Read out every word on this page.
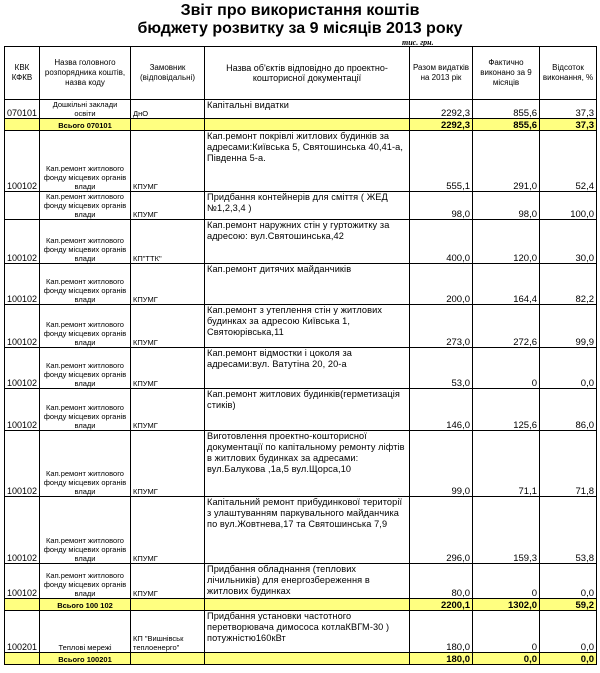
Звіт про використання коштів
бюджету розвитку за 9 місяців 2013 року
тис. грн.
КВК КФКВ	Назва головного розпорядника коштів, назва коду	Замовник (відповідальні)	Назва об'єктів відповідно до проектно-кошторисної документації	Разом видатків на 2013 рік	Фактично виконано за 9 місяців	Відсоток виконання, %
070101	Дошкільні заклади освіти	ДнО	Капітальні видатки	2292,3	855,6	37,3
	Всього 070101			2292,3	855,6	37,3
100102	Кап.ремонт житлового фонду місцевих органів влади	КПУМГ	Кап.ремонт покрівлі житлових будинків за адресами:Київська 5, Святошинська 40,41-а, Південна 5-а.	555,1	291,0	52,4
	Кап.ремонт житлового фонду місцевих органів влади	КПУМГ	Придбання контейнерів для сміття ( ЖЕД №1,2,3,4 )	98,0	98,0	100,0
100102	Кап.ремонт житлового фонду місцевих органів влади	КП"ТТК"	Кап.ремонт наружних стін у гуртожитку за адресою: вул.Святошинська,42	400,0	120,0	30,0
100102	Кап.ремонт житлового фонду місцевих органів влади	КПУМГ	Кап.ремонт дитячих майданчиків	200,0	164,4	82,2
100102	Кап.ремонт житлового фонду місцевих органів влади	КПУМГ	Кап.ремонт з утеплення стін у житлових будинках за адресою Київська 1, Святоюрівська,11	273,0	272,6	99,9
100102	Кап.ремонт житлового фонду місцевих органів влади	КПУМГ	Кап.ремонт відмостки і цоколя за адресами:вул. Ватутіна 20, 20-а	53,0	0	0,0
100102	Кап.ремонт житлового фонду місцевих органів влади	КПУМГ	Кап.ремонт житлових будинків(герметизація стиків)	146,0	125,6	86,0
100102	Кап.ремонт житлового фонду місцевих органів влади	КПУМГ	Виготовлення проектно-кошторисної документації по капітальному ремонту ліфтів в житлових будинках за адресами: вул.Балукова ,1а,5 вул.Щорса,10	99,0	71,1	71,8
100102	Кап.ремонт житлового фонду місцевих органів влади	КПУМГ	Капітальний ремонт прибудинкової території з улаштуванням паркувального майданчика по вул.Жовтнева,17 та Святошинська 7,9	296,0	159,3	53,8
100102	Кап.ремонт житлового фонду місцевих органів влади	КПУМГ	Придбання обладнання (теплових лічильників) для енергозбереження в житлових будинках	80,0	0	0,0
	Всього 100 102			2200,1	1302,0	59,2
100201	Теплові мережі	КП "Вишнівськ теплоенерго"	Придбання установки частотного перетворювача димососа котлаКВГМ-30 ) потужністю160кВт	180,0	0	0,0
	Всього 100201			180,0	0,0	0,0
